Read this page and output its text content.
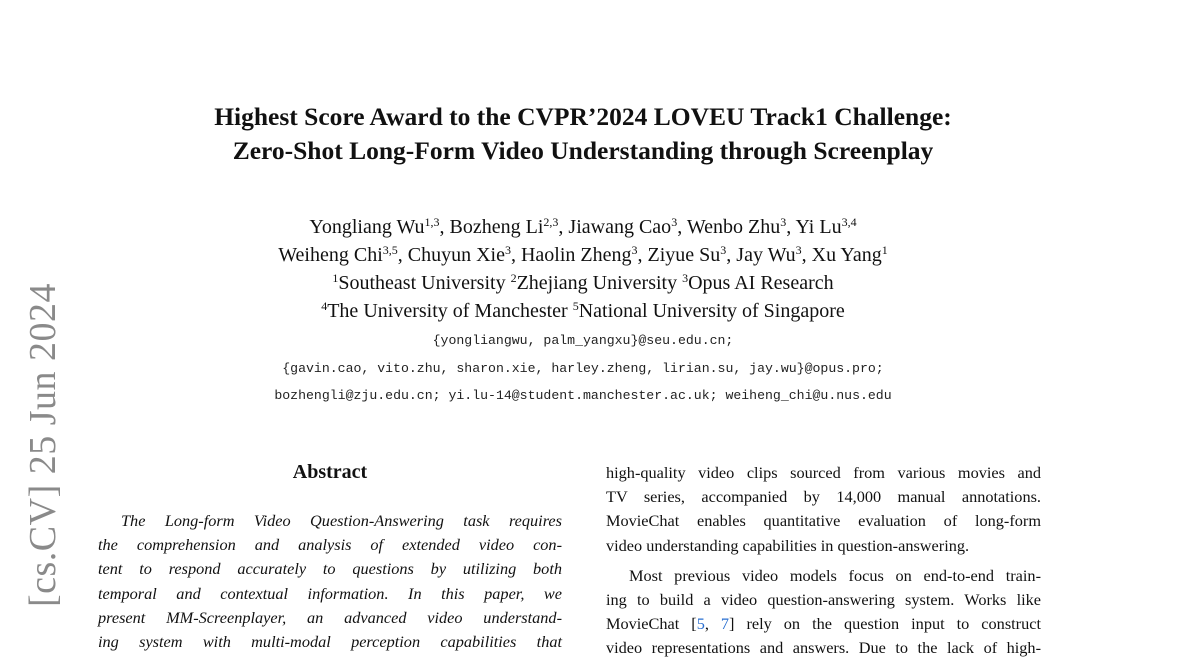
[cs.CV] 25 Jun 2024
Highest Score Award to the CVPR’2024 LOVEU Track1 Challenge:
Zero-Shot Long-Form Video Understanding through Screenplay
Yongliang Wu$^{1,3}$, Bozheng Li$^{2,3}$, Jiawang Cao$^3$, Wenbo Zhu$^3$, Yi Lu$^{3,4}$
Weiheng Chi$^{3,5}$, Chuyun Xie$^3$, Haolin Zheng$^3$, Ziyue Su$^3$, Jay Wu$^3$, Xu Yang$^1$
$^1$Southeast University $^2$Zhejiang University $^3$Opus AI Research
$^4$The University of Manchester $^5$National University of Singapore
{yongliangwu, palm_yangxu}@seu.edu.cn;
{gavin.cao, vito.zhu, sharon.xie, harley.zheng, lirian.su, jay.wu}@opus.pro;
bozhengli@zju.edu.cn; yi.lu-14@student.manchester.ac.uk; weiheng_chi@u.nus.edu
Abstract
The Long-form Video Question-Answering task requires
the comprehension and analysis of extended video con-
tent to respond accurately to questions by utilizing both
temporal and contextual information. In this paper, we
present MM-Screenplayer, an advanced video understand-
ing system with multi-modal perception capabilities that
high-quality video clips sourced from various movies and
TV series, accompanied by 14,000 manual annotations.
MovieChat enables quantitative evaluation of long-form
video understanding capabilities in question-answering.
Most previous video models focus on end-to-end train-
ing to build a video question-answering system. Works like
MovieChat [5, 7] rely on the question input to construct
video representations and answers. Due to the lack of high-
